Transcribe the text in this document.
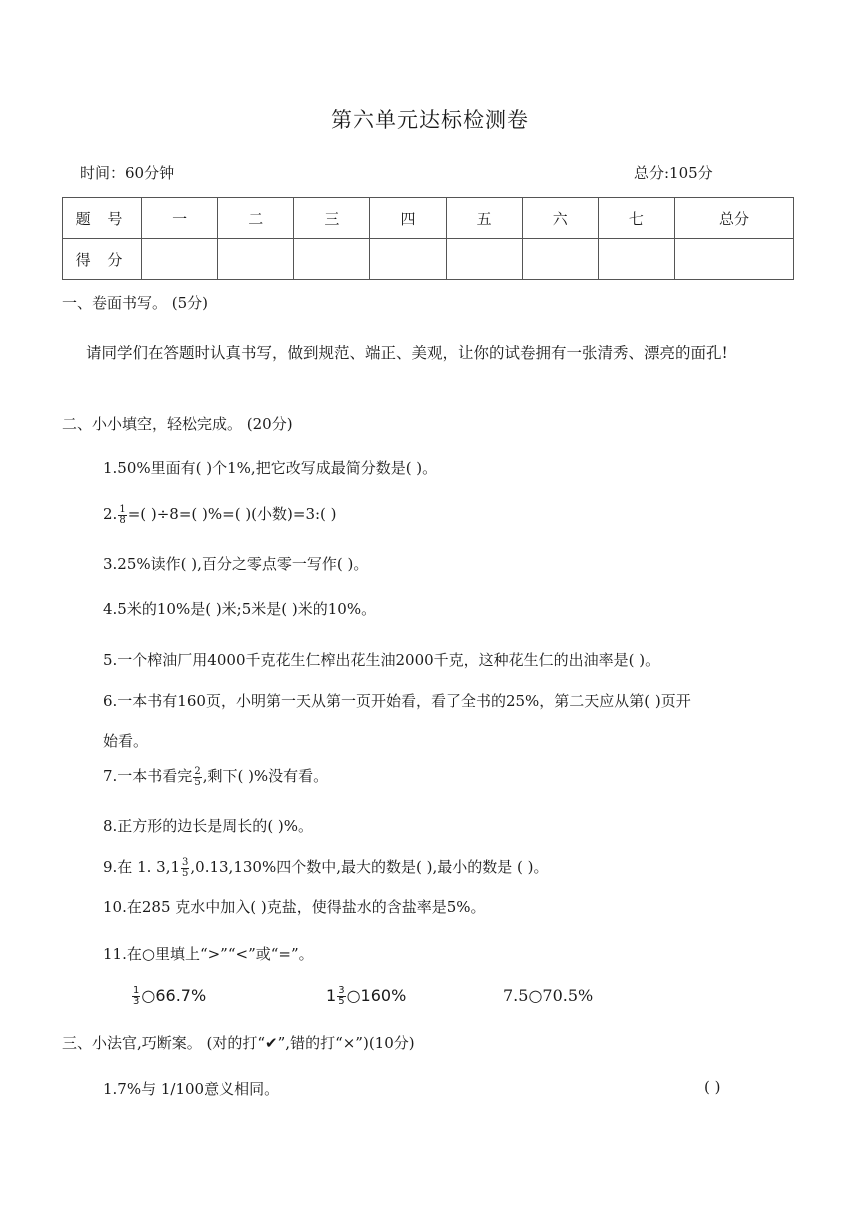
第六单元达标检测卷
时间：60分钟	总分:105分
题 号	一	二	三	四	五	六	七	总分
得 分								
一、卷面书写。 (5分)
请同学们在答题时认真书写，做到规范、端正、美观，让你的试卷拥有一张清秀、漂亮的面孔!
二、小小填空，轻松完成。 (20分)
1.50%里面有( )个1%,把它改写成最简分数是( )。
2. $\frac{1}{8}$ =( )÷8=( )%=( )(小数)=3:( )
3.25%读作( ),百分之零点零一写作( )。
4.5米的10%是( )米;5米是( )米的10%。
5.一个榨油厂用4000千克花生仁榨出花生油2000千克，这种花生仁的出油率是( )。
6.一本书有160页，小明第一天从第一页开始看，看了全书的25%，第二天应从第( )页开
始看。
7.一本书看完 $\frac{2}{5}$ ,剩下( )%没有看。
8.正方形的边长是周长的( )%。
9.在 1. $3,1 \frac{3}{5} ,0.13,130\%$四个数中,最大的数是( ),最小的数是 ( )。
10.在285 克水中加入( )克盐，使得盐水的含盐率是5%。
11.在○里填上“>”“<”或“=”。
$\frac{1}{3}$ ○66.7%	$1 \frac{3}{5}$ ○160%	7.5○70.5%
三、小法官,巧断案。 (对的打“✔”,错的打“×”)(10分)
1.7%与 1/100意义相同。	( )
